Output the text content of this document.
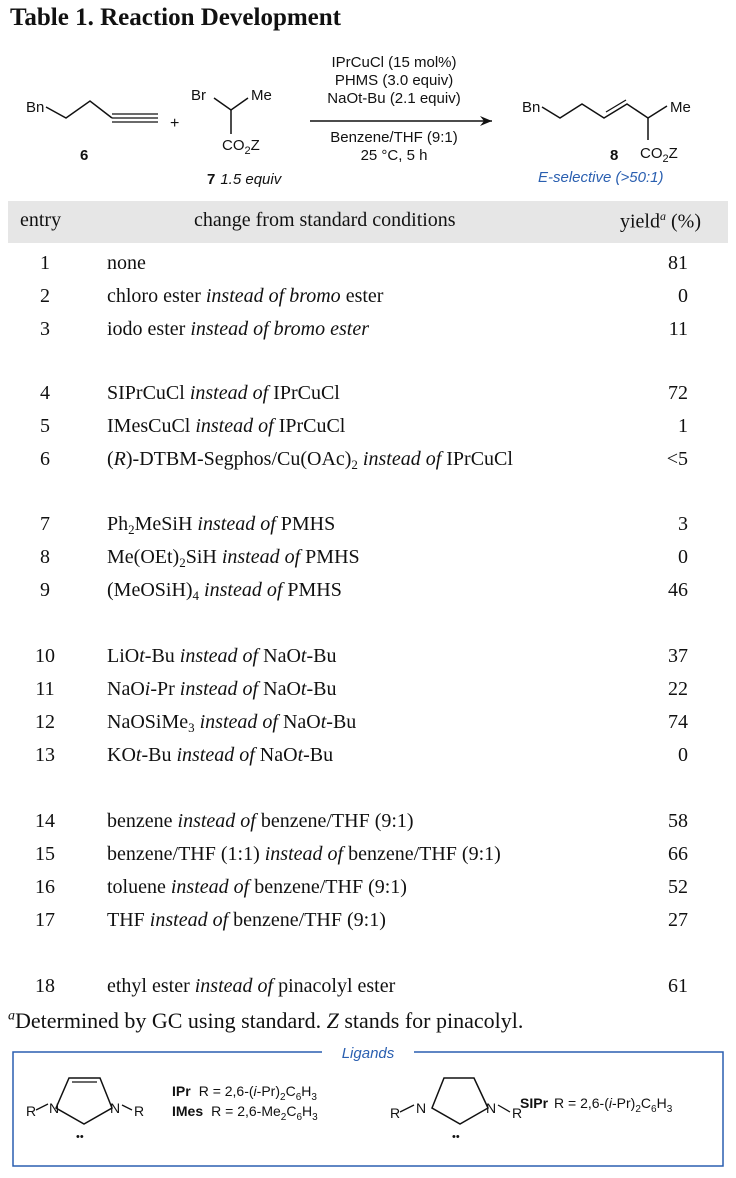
Table 1. Reaction Development
Bn
6
+
Br	Me
$CO_2Z$
7 1.5 equiv
IPrCuCl (15 mol%)
PHMS (3.0 equiv)
NaOt-Bu (2.1 equiv)
Benzene/THF (9:1)
25 °C, 5 h
Bn	Me
$CO_2Z$
8
E-selective (>50:1)
entry	change from standard conditions	yield$^a$ (%)
1	none	81
2	chloro ester instead of bromo ester	0
3	iodo ester instead of bromo ester	11
4	SIPrCuCl instead of IPrCuCl	72
5	IMesCuCl instead of IPrCuCl	1
6	$(R)-DTBM-Segphos/Cu(OAc)_2$ instead of IPrCuCl	<5
7	$Ph_2MeSiH$ instead of PMHS	3
8	$Me(OEt)_2SiH$ instead of PMHS	0
9	$(MeOSiH)_4$ instead of PMHS	46
10	LiOt-Bu instead of NaOt-Bu	37
11	NaOi-Pr instead of NaOt-Bu	22
12	NaOSiMe$_3$ instead of NaOt-Bu	74
13	KOt-Bu instead of NaOt-Bu	0
14	benzene instead of benzene/THF (9:1)	58
15	benzene/THF (1:1) instead of benzene/THF (9:1)	66
16	toluene instead of benzene/THF (9:1)	52
17	THF instead of benzene/THF (9:1)	27
18	ethyl ester instead of pinacolyl ester	61
$^a$Determined by GC using standard. Z stands for pinacolyl.
Ligands
R N	N R
••
IPr $R = 2,6-(i-Pr)_2C_6H_3$
IMes $R = 2,6-Me_2C_6H_3$	R N	N R
••
SIPr $R = 2,6-(i-Pr)_2C_6H_3$
